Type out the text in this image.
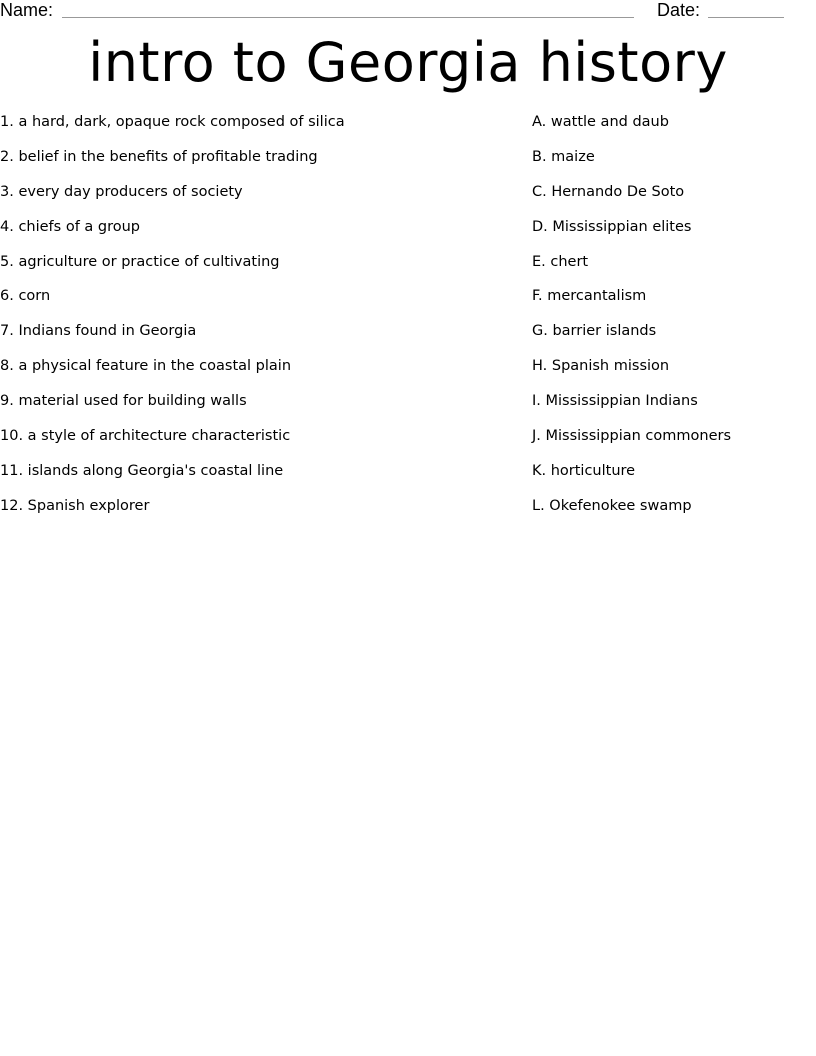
Name:	Date:
intro to Georgia history
1. a hard, dark, opaque rock composed of silica
2. belief in the benefits of profitable trading
3. every day producers of society
4. chiefs of a group
5. agriculture or practice of cultivating
6. corn
7. Indians found in Georgia
8. a physical feature in the coastal plain
9. material used for building walls
10. a style of architecture characteristic
11. islands along Georgia's coastal line
12. Spanish explorer
A. wattle and daub
B. maize
C. Hernando De Soto
D. Mississippian elites
E. chert
F. mercantalism
G. barrier islands
H. Spanish mission
I. Mississippian Indians
J. Mississippian commoners
K. horticulture
L. Okefenokee swamp
